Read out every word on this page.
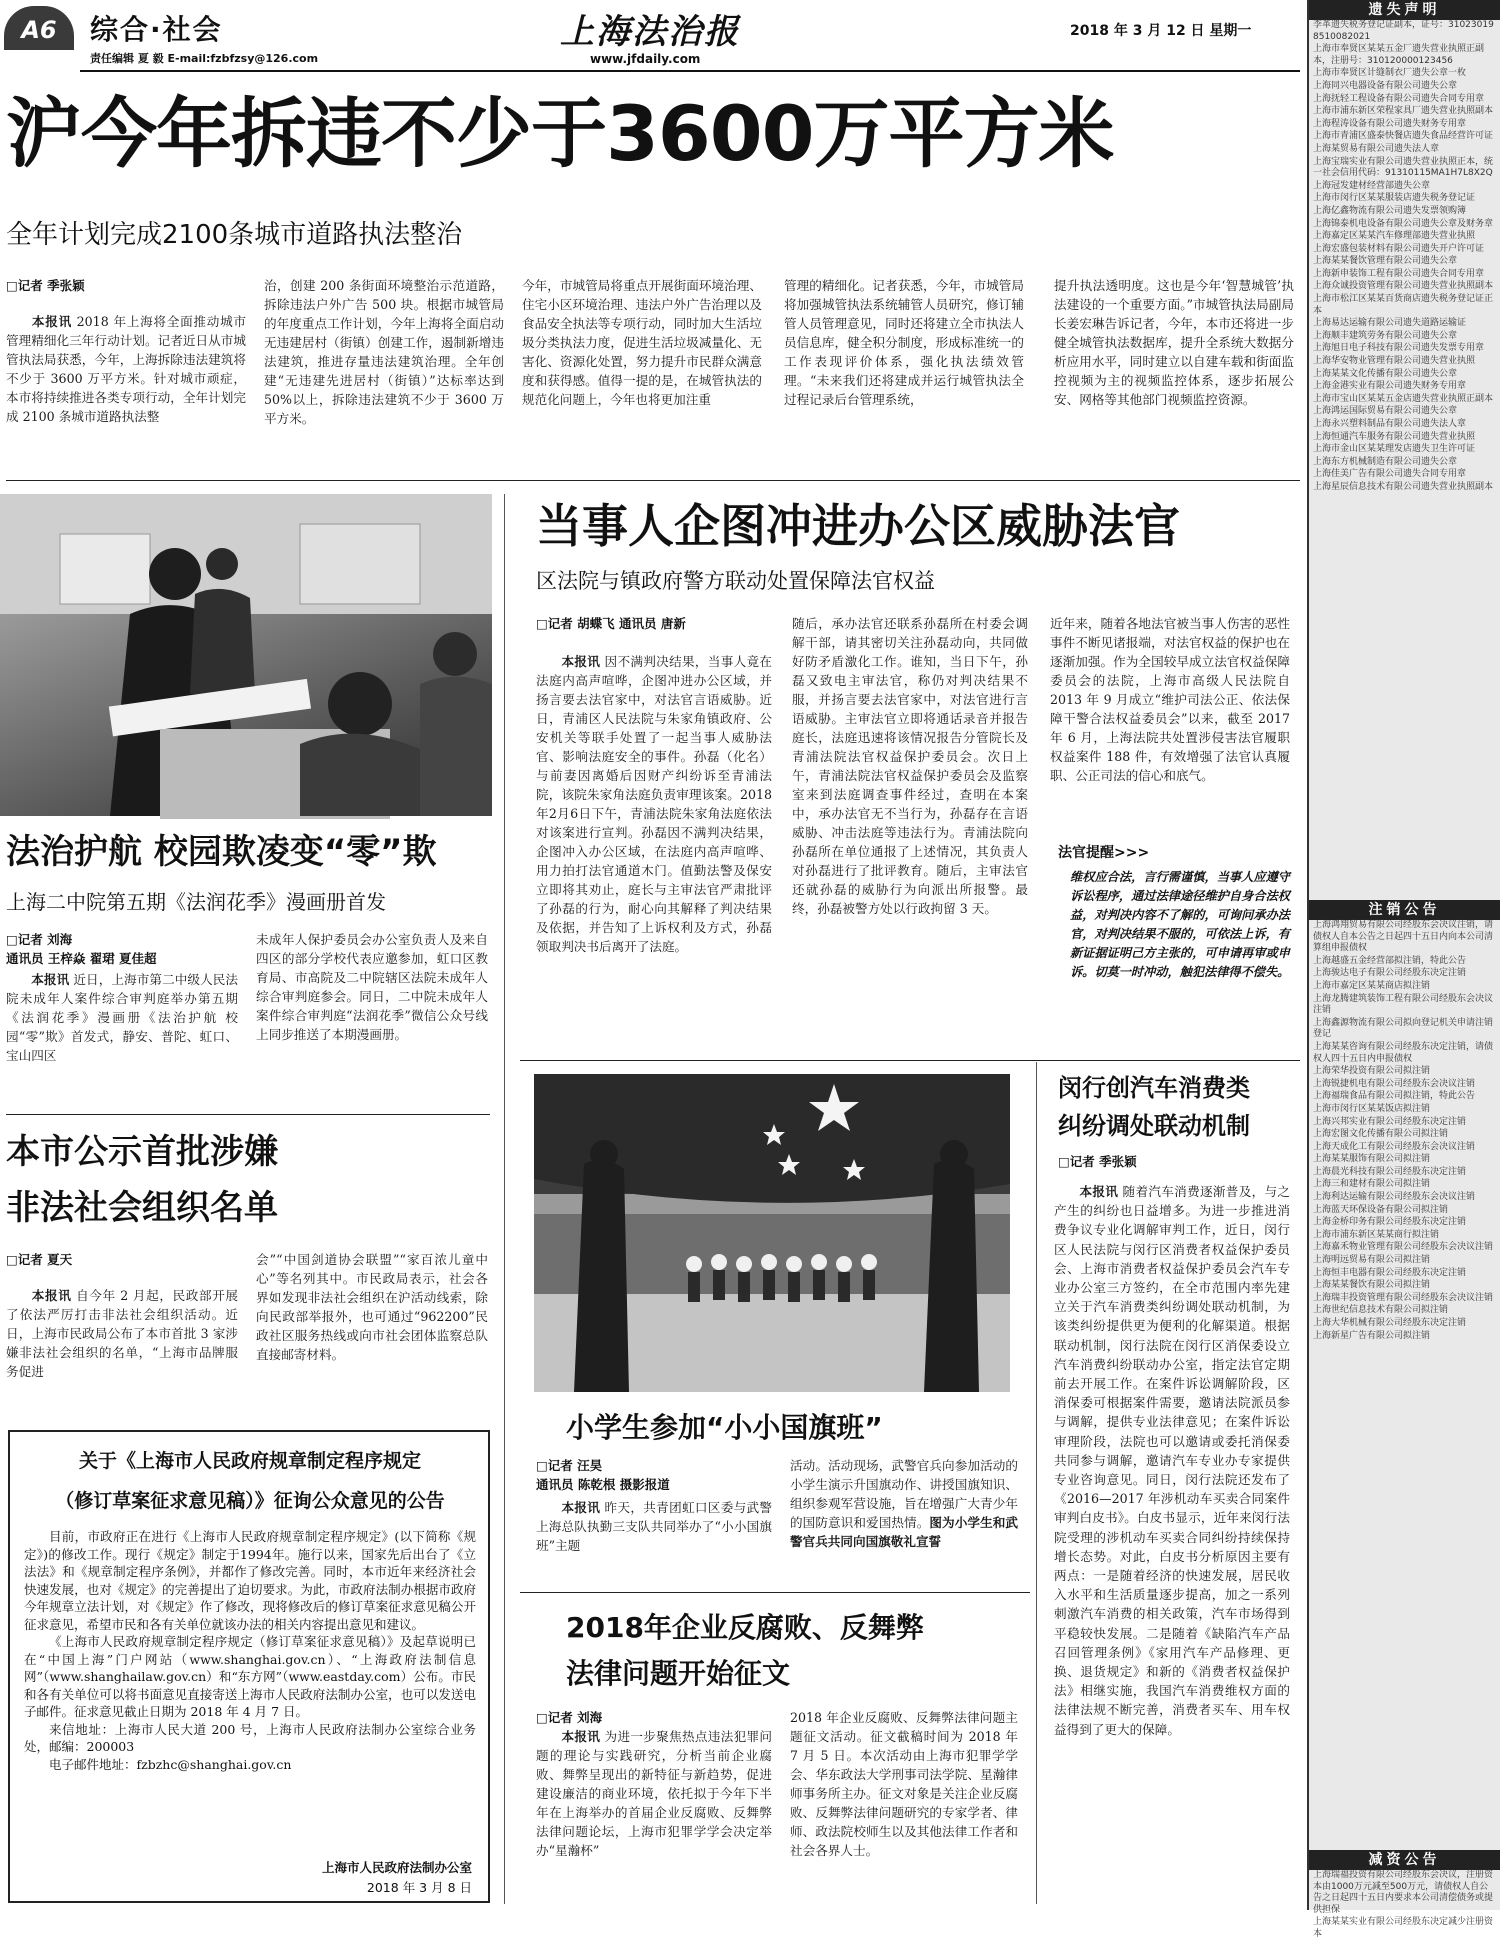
A6	综合·社会
责任编辑 夏 毅 E-mail:fzbfzsy@126.com
上海法治报
www.jfdaily.com
2018 年 3 月 12 日 星期一
沪今年拆违不少于3600万平方米
全年计划完成2100条城市道路执法整治
□记者 季张颖
本报讯 2018 年上海将全面推动城市管理精细化三年行动计划。记者近日从市城管执法局获悉，今年，上海拆除违法建筑将不少于 3600 万平方米。针对城市顽症，本市将持续推进各类专项行动，全年计划完成 2100 条城市道路执法整
治，创建 200 条街面环境整治示范道路，拆除违法户外广告 500 块。根据市城管局的年度重点工作计划，今年上海将全面启动无违建居村（街镇）创建工作，遏制新增违法建筑，推进存量违法建筑治理。全年创建“无违建先进居村（街镇）”达标率达到 50%以上，拆除违法建筑不少于 3600 万平方米。
今年，市城管局将重点开展街面环境治理、住宅小区环境治理、违法户外广告治理以及食品安全执法等专项行动，同时加大生活垃圾分类执法力度，促进生活垃圾减量化、无害化、资源化处置，努力提升市民群众满意度和获得感。值得一提的是，在城管执法的规范化问题上，今年也将更加注重
管理的精细化。记者获悉，今年，市城管局将加强城管执法系统辅管人员研究，修订辅管人员管理意见，同时还将建立全市执法人员信息库，健全积分制度，形成标准统一的工作表现评价体系，强化执法绩效管理。“未来我们还将建成并运行城管执法全过程记录后台管理系统，
提升执法透明度。这也是今年‘智慧城管’执法建设的一个重要方面。”市城管执法局副局长姜宏琳告诉记者，今年，本市还将进一步健全城管执法数据库，提升全系统大数据分析应用水平，同时建立以自建车载和街面监控视频为主的视频监控体系，逐步拓展公安、网格等其他部门视频监控资源。
法治护航 校园欺凌变“零”欺
上海二中院第五期《法润花季》漫画册首发
□记者 刘海
通讯员 王梓焱 翟珺 夏佳超
本报讯 近日，上海市第二中级人民法院未成年人案件综合审判庭举办第五期《法润花季》漫画册《法治护航 校园“零”欺》首发式，静安、普陀、虹口、宝山四区
未成年人保护委员会办公室负责人及来自四区的部分学校代表应邀参加，虹口区教育局、市高院及二中院辖区法院未成年人综合审判庭参会。同日，二中院未成年人案件综合审判庭“法润花季”微信公众号线上同步推送了本期漫画册。
本市公示首批涉嫌
非法社会组织名单
□记者 夏天
本报讯 自今年 2 月起，民政部开展了依法严厉打击非法社会组织活动。近日，上海市民政局公布了本市首批 3 家涉嫌非法社会组织的名单，“上海市品牌服务促进
会”“中国剑道协会联盟”“家百浓儿童中心”等名列其中。市民政局表示，社会各界如发现非法社会组织在沪活动线索，除向民政部举报外，也可通过“962200”民政社区服务热线或向市社会团体监察总队直接邮寄材料。
关于《上海市人民政府规章制定程序规定
（修订草案征求意见稿）》征询公众意见的公告

目前，市政府正在进行《上海市人民政府规章制定程序规定》(以下简称《规定》)的修改工作。现行《规定》制定于1994年。施行以来，国家先后出台了《立法法》和《规章制定程序条例》，并都作了修改完善。同时，本市近年来经济社会快速发展，也对《规定》的完善提出了迫切要求。为此，市政府法制办根据市政府今年规章立法计划，对《规定》作了修改，现将修改后的修订草案征求意见稿公开征求意见，希望市民和各有关单位就该办法的相关内容提出意见和建议。

《上海市人民政府规章制定程序规定（修订草案征求意见稿）》及起草说明已在“中国上海”门户网站（www.shanghai.gov.cn）、“上海政府法制信息网”（www.shanghailaw.gov.cn）和“东方网”（www.eastday.com）公布。市民和各有关单位可以将书面意见直接寄送上海市人民政府法制办公室，也可以发送电子邮件。征求意见截止日期为 2018 年 4 月 7 日。

来信地址：上海市人民大道 200 号，上海市人民政府法制办公室综合业务处，邮编：200003

电子邮件地址：fzbzhc@shanghai.gov.cn

上海市人民政府法制办公室
2018 年 3 月 8 日
当事人企图冲进办公区威胁法官
区法院与镇政府警方联动处置保障法官权益
□记者 胡蝶飞 通讯员 唐新
本报讯 因不满判决结果，当事人竟在法庭内高声喧哗，企图冲进办公区域，并扬言要去法官家中，对法官言语威胁。近日，青浦区人民法院与朱家角镇政府、公安机关等联手处置了一起当事人威胁法官、影响法庭安全的事件。孙磊（化名）与前妻因离婚后因财产纠纷诉至青浦法院，该院朱家角法庭负责审理该案。2018年2月6日下午，青浦法院朱家角法庭依法对该案进行宣判。孙磊因不满判决结果，企图冲入办公区域，在法庭内高声喧哗、用力拍打法官通道木门。值勤法警及保安立即将其劝止，庭长与主审法官严肃批评了孙磊的行为，耐心向其解释了判决结果及依据，并告知了上诉权利及方式，孙磊领取判决书后离开了法庭。
随后，承办法官还联系孙磊所在村委会调解干部，请其密切关注孙磊动向，共同做好防矛盾激化工作。谁知，当日下午，孙磊又致电主审法官，称仍对判决结果不服，并扬言要去法官家中，对法官进行言语威胁。主审法官立即将通话录音并报告庭长，法庭迅速将该情况报告分管院长及青浦法院法官权益保护委员会。次日上午，青浦法院法官权益保护委员会及监察室来到法庭调查事件经过，查明在本案中，承办法官无不当行为，孙磊存在言语威胁、冲击法庭等违法行为。青浦法院向孙磊所在单位通报了上述情况，其负责人对孙磊进行了批评教育。随后，主审法官还就孙磊的威胁行为向派出所报警。最终，孙磊被警方处以行政拘留 3 天。
近年来，随着各地法官被当事人伤害的恶性事件不断见诸报端，对法官权益的保护也在逐渐加强。作为全国较早成立法官权益保障委员会的法院，上海市高级人民法院自 2013 年 9 月成立“维护司法公正、依法保障干警合法权益委员会”以来，截至 2017 年 6 月，上海法院共处置涉侵害法官履职权益案件 188 件，有效增强了法官认真履职、公正司法的信心和底气。
法官提醒>>>
维权应合法，言行需谨慎，当事人应遵守诉讼程序，通过法律途径维护自身合法权益，对判决内容不了解的，可询问承办法官，对判决结果不服的，可依法上诉，有新证据证明己方主张的，可申请再审或申诉。切莫一时冲动，触犯法律得不偿失。
小学生参加“小小国旗班”
□记者 汪昊
通讯员 陈乾根 摄影报道
本报讯 昨天，共青团虹口区委与武警上海总队执勤三支队共同举办了“小小国旗班”主题
活动。活动现场，武警官兵向参加活动的小学生演示升国旗动作、讲授国旗知识、组织参观军营设施，旨在增强广大青少年的国防意识和爱国热情。图为小学生和武警官兵共同向国旗敬礼宣誓
2018年企业反腐败、反舞弊
法律问题开始征文
□记者 刘海
本报讯 为进一步聚焦热点违法犯罪问题的理论与实践研究，分析当前企业腐败、舞弊呈现出的新特征与新趋势，促进建设廉洁的商业环境，依托拟于今年下半年在上海举办的首届企业反腐败、反舞弊法律问题论坛，上海市犯罪学学会决定举办“星瀚杯”
2018 年企业反腐败、反舞弊法律问题主题征文活动。征文截稿时间为 2018 年 7 月 5 日。本次活动由上海市犯罪学学会、华东政法大学刑事司法学院、星瀚律师事务所主办。征文对象是关注企业反腐败、反舞弊法律问题研究的专家学者、律师、政法院校师生以及其他法律工作者和社会各界人士。
闵行创汽车消费类
纠纷调处联动机制
□记者 季张颖
本报讯 随着汽车消费逐渐普及，与之产生的纠纷也日益增多。为进一步推进消费争议专业化调解审判工作，近日，闵行区人民法院与闵行区消费者权益保护委员会、上海市消费者权益保护委员会汽车专业办公室三方签约，在全市范围内率先建立关于汽车消费类纠纷调处联动机制，为该类纠纷提供更为便利的化解渠道。根据联动机制，闵行法院在闵行区消保委设立汽车消费纠纷联动办公室，指定法官定期前去开展工作。在案件诉讼调解阶段，区消保委可根据案件需要，邀请法院派员参与调解，提供专业法律意见；在案件诉讼审理阶段，法院也可以邀请或委托消保委共同参与调解，邀请汽车专业办专家提供专业咨询意见。同日，闵行法院还发布了《2016—2017 年涉机动车买卖合同案件审判白皮书》。白皮书显示，近年来闵行法院受理的涉机动车买卖合同纠纷持续保持增长态势。对此，白皮书分析原因主要有两点：一是随着经济的快速发展，居民收入水平和生活质量逐步提高，加之一系列刺激汽车消费的相关政策，汽车市场得到平稳较快发展。二是随着《缺陷汽车产品召回管理条例》《家用汽车产品修理、更换、退货规定》和新的《消费者权益保护法》相继实施，我国汽车消费维权方面的法律法规不断完善，消费者买车、用车权益得到了更大的保障。
遗失声明

李革遗失税务登记证副本，证号：310230198510082021

上海市奉贤区某某五金厂遗失营业执照正副本，注册号：310120000123456

上海市奉贤区计缝制衣厂遗失公章一枚

上海同兴电器设备有限公司遗失公章

上海抚轻工程设备有限公司遗失合同专用章

上海市浦东新区荣程家具厂遗失营业执照副本

上海程涛设备有限公司遗失财务专用章

上海市青浦区盛泰快餐店遗失食品经营许可证

上海某贸易有限公司遗失法人章

上海宝瑞实业有限公司遗失营业执照正本，统一社会信用代码：91310115MA1H7L8X2Q

上海冠发建材经营部遗失公章

上海市闵行区某某服装店遗失税务登记证

上海亿鑫物流有限公司遗失发票领购簿

上海锦泰机电设备有限公司遗失公章及财务章

上海嘉定区某某汽车修理部遗失营业执照

上海宏盛包装材料有限公司遗失开户许可证

上海某某餐饮管理有限公司遗失公章

上海新申装饰工程有限公司遗失合同专用章

上海众诚投资管理有限公司遗失营业执照副本

上海市松江区某某百货商店遗失税务登记证正本

上海易达运输有限公司遗失道路运输证

上海顺丰建筑劳务有限公司遗失公章

上海旭日电子科技有限公司遗失发票专用章

上海华安物业管理有限公司遗失营业执照

上海某某文化传播有限公司遗失公章

上海金港实业有限公司遗失财务专用章

上海市宝山区某某五金店遗失营业执照正副本

上海鸿运国际贸易有限公司遗失公章

上海永兴塑料制品有限公司遗失法人章

上海恒通汽车服务有限公司遗失营业执照

上海市金山区某某理发店遗失卫生许可证

上海东方机械制造有限公司遗失公章

上海佳美广告有限公司遗失合同专用章

上海星辰信息技术有限公司遗失营业执照副本

注销公告

上海鸿翔贸易有限公司经股东会决议注销，请债权人自本公告之日起四十五日内向本公司清算组申报债权

上海越盛五金经营部拟注销，特此公告

上海骏达电子有限公司经股东决定注销

上海市嘉定区某某商店拟注销

上海龙腾建筑装饰工程有限公司经股东会决议注销

上海鑫源物流有限公司拟向登记机关申请注销登记

上海某某咨询有限公司经股东决定注销，请债权人四十五日内申报债权

上海荣华投资有限公司拟注销

上海锐捷机电有限公司经股东会决议注销

上海福瑞食品有限公司拟注销，特此公告

上海市闵行区某某饭店拟注销

上海兴邦实业有限公司经股东决定注销

上海宏图文化传播有限公司拟注销

上海天成化工有限公司经股东会决议注销

上海某某服饰有限公司拟注销

上海晨光科技有限公司经股东决定注销

上海三和建材有限公司拟注销

上海利达运输有限公司经股东会决议注销

上海蓝天环保设备有限公司拟注销

上海金桥印务有限公司经股东决定注销

上海市浦东新区某某商行拟注销

上海嘉禾物业管理有限公司经股东会决议注销

上海明远贸易有限公司拟注销

上海恒丰电器有限公司经股东决定注销

上海某某餐饮有限公司拟注销

上海瑞丰投资管理有限公司经股东会决议注销

上海世纪信息技术有限公司拟注销

上海大华机械有限公司经股东决定注销

上海新星广告有限公司拟注销

减资公告

上海瑞福投资有限公司经股东会决议，注册资本由1000万元减至500万元，请债权人自公告之日起四十五日内要求本公司清偿债务或提供担保

上海某某实业有限公司经股东决定减少注册资本
